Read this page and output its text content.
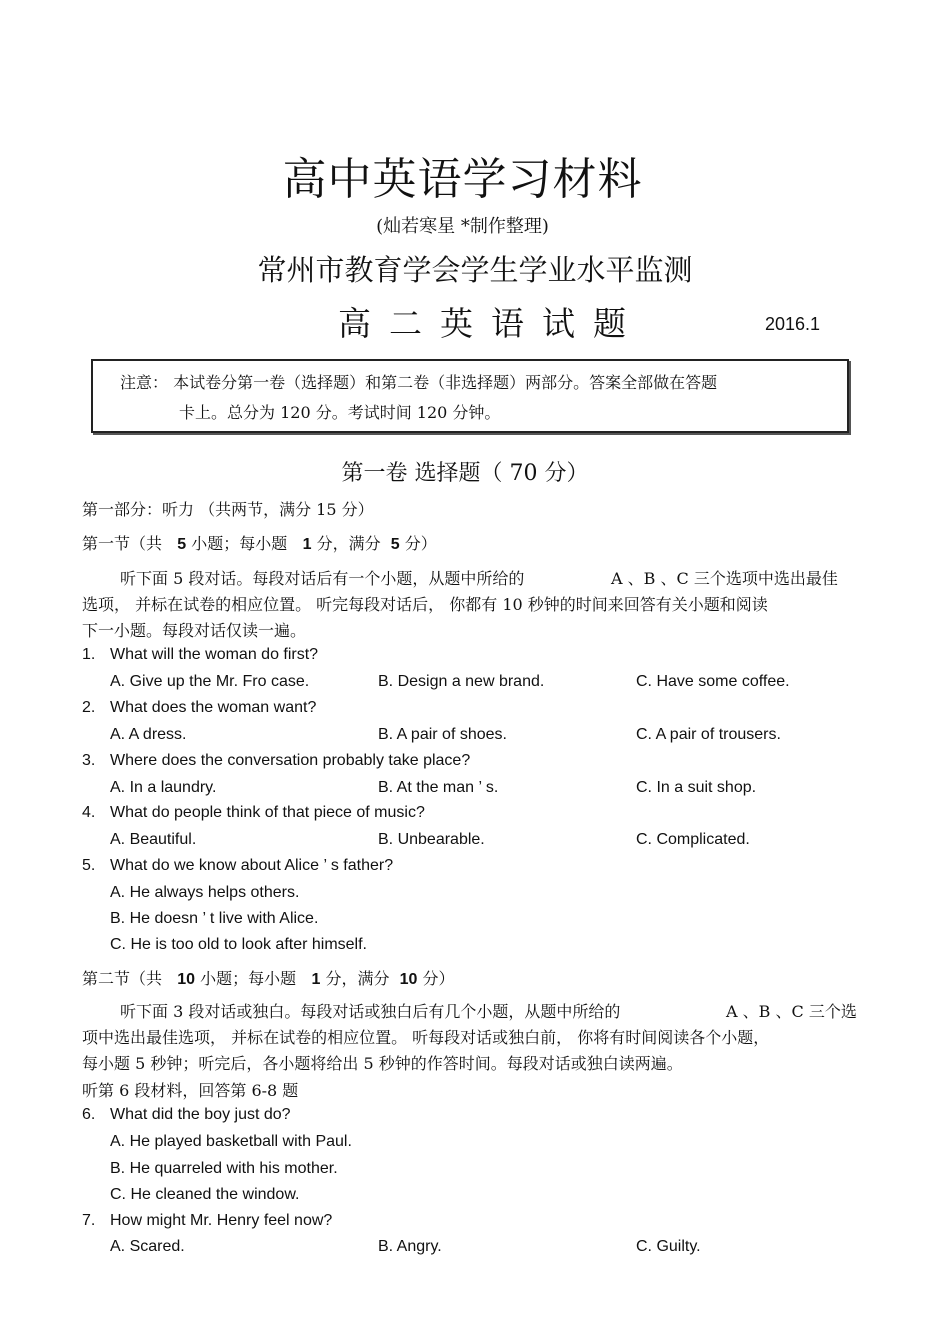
高中英语学习材料
(灿若寒星 *制作整理)
常州市教育学会学生学业水平监测
高二英语试题	2016.1
注意： 本试卷分第一卷（选择题）和第二卷（非选择题）两部分。答案全部做在答题
卡上。总分为 120 分。考试时间 120 分钟。
第一卷 选择题（ 70 分）
第一部分：听力 （共两节，满分 15 分）
第一节（共 5 小题；每小题 1 分，满分 5 分）
听下面 5 段对话。每段对话后有一个小题，从题中所给的	A 、B 、C 三个选项中选出最佳
选项， 并标在试卷的相应位置。 听完每段对话后， 你都有 10 秒钟的时间来回答有关小题和阅读
下一小题。每段对话仅读一遍。
1. What will the woman do first?
A. Give up the Mr. Fro case.	B. Design a new brand.	C. Have some coffee.
2. What does the woman want?
A. A dress.	B. A pair of shoes.	C. A pair of trousers.
3. Where does the conversation probably take place?
A. In a laundry.	B. At the man ’ s.	C. In a suit shop.
4. What do people think of that piece of music?
A. Beautiful.	B. Unbearable.	C. Complicated.
5. What do we know about Alice ’ s father?
A. He always helps others.
B. He doesn ’ t live with Alice.
C. He is too old to look after himself.
第二节（共 10 小题；每小题 1 分，满分 10 分）
听下面 3 段对话或独白。每段对话或独白后有几个小题，从题中所给的	A 、B 、C 三个选
项中选出最佳选项， 并标在试卷的相应位置。 听每段对话或独白前， 你将有时间阅读各个小题，
每小题 5 秒钟；听完后，各小题将给出 5 秒钟的作答时间。每段对话或独白读两遍。
听第 6 段材料，回答第 6-8 题
6. What did the boy just do?
A. He played basketball with Paul.
B. He quarreled with his mother.
C. He cleaned the window.
7. How might Mr. Henry feel now?
A. Scared.	B. Angry.	C. Guilty.
